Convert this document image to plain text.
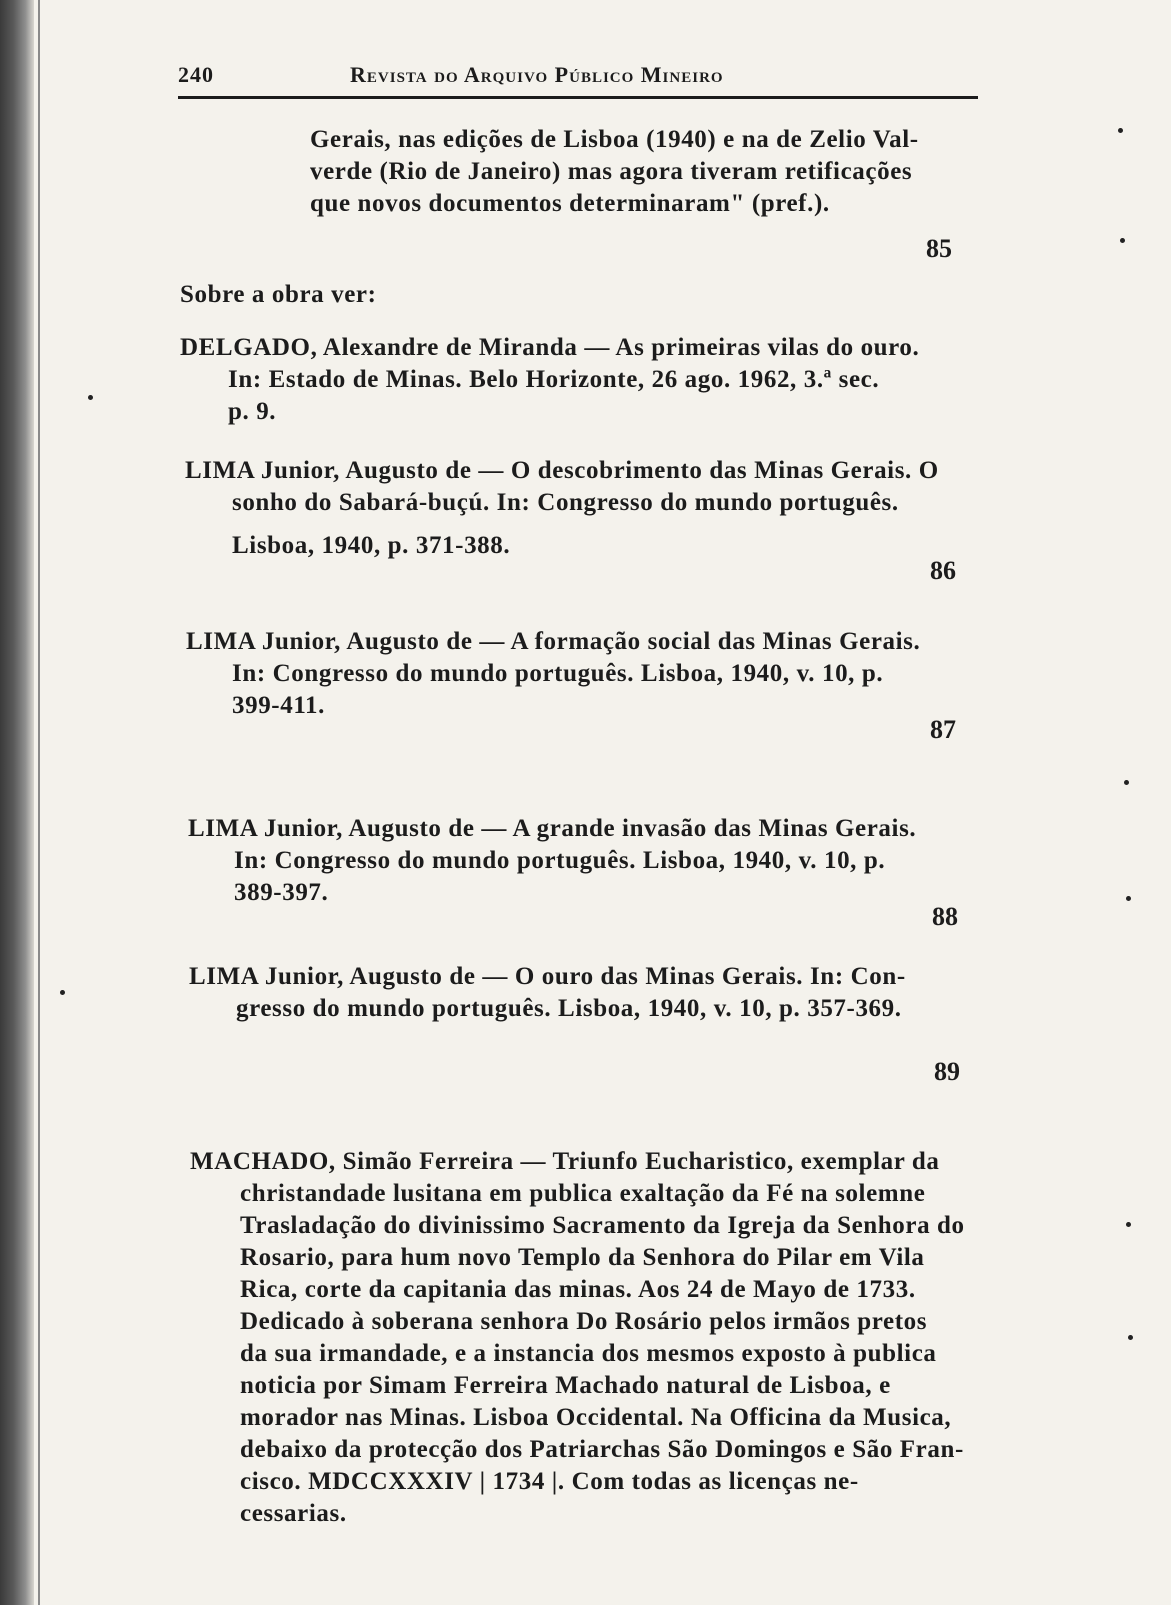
240	Revista do Arquivo Público Mineiro
Gerais, nas edições de Lisboa (1940) e na de Zelio Val-
verde (Rio de Janeiro) mas agora tiveram retificações
que novos documentos determinaram" (pref.).
85
Sobre a obra ver:
DELGADO, Alexandre de Miranda — As primeiras vilas do ouro.
In: Estado de Minas. Belo Horizonte, 26 ago. 1962, 3.ª sec.
p. 9.
LIMA Junior, Augusto de — O descobrimento das Minas Gerais. O
sonho do Sabará-buçú. In: Congresso do mundo português.
Lisboa, 1940, p. 371-388.
86
LIMA Junior, Augusto de — A formação social das Minas Gerais.
In: Congresso do mundo português. Lisboa, 1940, v. 10, p.
399-411.
87
LIMA Junior, Augusto de — A grande invasão das Minas Gerais.
In: Congresso do mundo português. Lisboa, 1940, v. 10, p.
389-397.
88
LIMA Junior, Augusto de — O ouro das Minas Gerais. In: Con-
gresso do mundo português. Lisboa, 1940, v. 10, p. 357-369.
89
MACHADO, Simão Ferreira — Triunfo Eucharistico, exemplar da
christandade lusitana em publica exaltação da Fé na solemne
Trasladação do divinissimo Sacramento da Igreja da Senhora do
Rosario, para hum novo Templo da Senhora do Pilar em Vila
Rica, corte da capitania das minas. Aos 24 de Mayo de 1733.
Dedicado à soberana senhora Do Rosário pelos irmãos pretos
da sua irmandade, e a instancia dos mesmos exposto à publica
noticia por Simam Ferreira Machado natural de Lisboa, e
morador nas Minas. Lisboa Occidental. Na Officina da Musica,
debaixo da protecção dos Patriarchas São Domingos e São Fran-
cisco. MDCCXXXIV | 1734 |. Com todas as licenças ne-
cessarias.
